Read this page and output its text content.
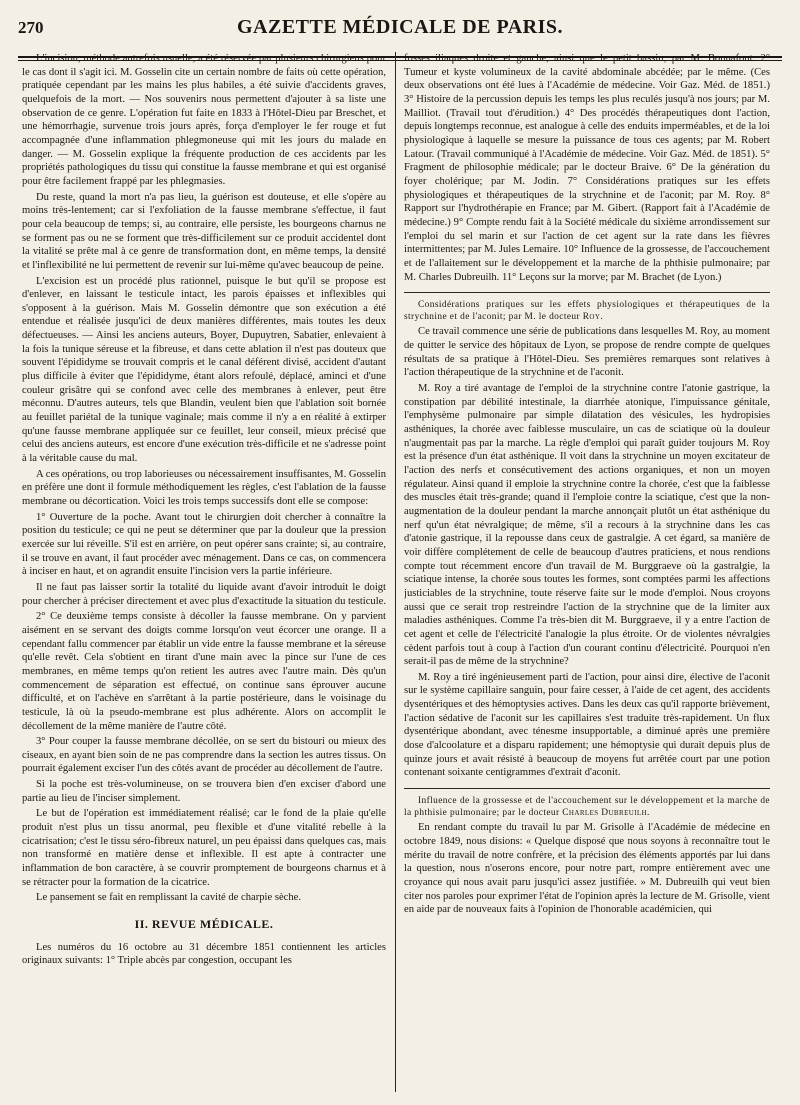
270	GAZETTE MÉDICALE DE PARIS.

L'incision, méthode autrefois usuelle, a été réservée par plusieurs chirurgiens pour le cas dont il s'agit ici. M. Gosselin cite un certain nombre de faits où cette opération, pratiquée cependant par les mains les plus habiles, a été suivie d'accidents graves, quelquefois de la mort. — Nos souvenirs nous permettent d'ajouter à sa liste une observation de ce genre. L'opération fut faite en 1833 à l'Hôtel-Dieu par Breschet, et une hémorrhagie, survenue trois jours après, força d'employer le fer rouge et fut accompagnée d'une inflammation phlegmoneuse qui mit les jours du malade en danger. — M. Gosselin explique la fréquente production de ces accidents par les propriétés pathologiques du tissu qui constitue la fausse membrane et qui est organisé pour être facilement frappé par les phlegmasies.

Du reste, quand la mort n'a pas lieu, la guérison est douteuse, et elle s'opère au moins très-lentement; car si l'exfoliation de la fausse membrane s'effectue, il faut pour cela beaucoup de temps; si, au contraire, elle persiste, les bourgeons charnus ne se forment pas ou ne se forment que très-difficilement sur ce produit accidentel dont la vitalité se prête mal à ce genre de transformation dont, en même temps, la densité et l'inflexibilité ne lui permettent de revenir sur lui-même qu'avec beaucoup de peine.

L'excision est un procédé plus rationnel, puisque le but qu'il se propose est d'enlever, en laissant le testicule intact, les parois épaisses et inflexibles qui s'opposent à la guérison. Mais M. Gosselin démontre que son exécution a été entendue et réalisée jusqu'ici de deux manières différentes, mais toutes les deux défectueuses. — Ainsi les anciens auteurs, Boyer, Dupuytren, Sabatier, enlevaient à la fois la tunique séreuse et la fibreuse, et dans cette ablation il n'est pas douteux que souvent l'épididyme se trouvait compris et le canal déférent divisé, accident d'autant plus difficile à éviter que l'épididyme, étant alors refoulé, déplacé, aminci et d'une couleur grisâtre qui se confond avec celle des membranes à enlever, peut être méconnu. D'autres auteurs, tels que Blandin, veulent bien que l'ablation soit bornée au feuillet pariétal de la tunique vaginale; mais comme il n'y a en réalité à extirper qu'une fausse membrane appliquée sur ce feuillet, leur conseil, mieux précisé que celui des anciens auteurs, est encore d'une exécution très-difficile et ne s'adresse point à la véritable cause du mal.

A ces opérations, ou trop laborieuses ou nécessairement insuffisantes, M. Gosselin en préfère une dont il formule méthodiquement les règles, c'est l'ablation de la fausse membrane ou décortication. Voici les trois temps successifs dont elle se compose:

1° Ouverture de la poche. Avant tout le chirurgien doit chercher à connaître la position du testicule; ce qui ne peut se déterminer que par la douleur que la pression exercée sur lui réveille. S'il est en arrière, on peut opérer sans crainte; si, au contraire, il se trouve en avant, il faut procéder avec ménagement. Dans ce cas, on commencera à inciser en haut, et on agrandit ensuite l'incision vers la partie inférieure.

Il ne faut pas laisser sortir la totalité du liquide avant d'avoir introduit le doigt pour chercher à préciser directement et avec plus d'exactitude la situation du testicule.

2° Ce deuxième temps consiste à décoller la fausse membrane. On y parvient aisément en se servant des doigts comme lorsqu'on veut écorcer une orange. Il a cependant fallu commencer par établir un vide entre la fausse membrane et la séreuse qu'elle revêt. Cela s'obtient en tirant d'une main avec la pince sur l'une de ces membranes, en même temps qu'on retient les autres avec l'autre main. Dès qu'un commencement de séparation est effectué, on continue sans éprouver aucune difficulté, et on l'achève en s'arrêtant à la partie postérieure, dans le voisinage du testicule, là où la pseudo-membrane est plus adhérente. Alors on accomplit le décollement de la même manière de l'autre côté.

3° Pour couper la fausse membrane décollée, on se sert du bistouri ou mieux des ciseaux, en ayant bien soin de ne pas comprendre dans la section les autres tissus. On pourrait également exciser l'un des côtés avant de procéder au décollement de l'autre.

Si la poche est très-volumineuse, on se trouvera bien d'en exciser d'abord une partie au lieu de l'inciser simplement.

Le but de l'opération est immédiatement réalisé; car le fond de la plaie qu'elle produit n'est plus un tissu anormal, peu flexible et d'une vitalité rebelle à la cicatrisation; c'est le tissu séro-fibreux naturel, un peu épaissi dans quelques cas, mais non transformé en matière dense et inflexible. Il est apte à contracter une inflammation de bon caractère, à se couvrir promptement de bourgeons charnus et à se rétracter pour la formation de la cicatrice.

Le pansement se fait en remplissant la cavité de charpie sèche.

II. REVUE MÉDICALE.

Les numéros du 16 octobre au 31 décembre 1851 contiennent les articles originaux suivants: 1° Triple abcès par congestion, occupant les

fosses iliaques droite et gauche, ainsi que le petit bassin; par M. Bonnafont. 2° Tumeur et kyste volumineux de la cavité abdominale abcédée; par le même. (Ces deux observations ont été lues à l'Académie de médecine. Voir Gaz. Méd. de 1851.) 3° Histoire de la percussion depuis les temps les plus reculés jusqu'à nos jours; par M. Mailliot. (Travail tout d'érudition.) 4° Des procédés thérapeutiques dont l'action, depuis longtemps reconnue, est analogue à celle des enduits imperméables, et de la loi physiologique à laquelle se mesure la puissance de tous ces agents; par M. Robert Latour. (Travail communiqué à l'Académie de médecine. Voir Gaz. Méd. de 1851). 5° Fragment de philosophie médicale; par le docteur Braive. 6° De la génération du foyer cholérique; par M. Jodin. 7° Considérations pratiques sur les effets physiologiques et thérapeutiques de la strychnine et de l'aconit; par M. Roy. 8° Rapport sur l'hydrothérapie en France; par M. Gibert. (Rapport fait à l'Académie de médecine.) 9° Compte rendu fait à la Société médicale du sixième arrondissement sur l'emploi du sel marin et sur l'action de cet agent sur la rate dans les fièvres intermittentes; par M. Jules Lemaire. 10° Influence de la grossesse, de l'accouchement et de l'allaitement sur le développement et la marche de la phthisie pulmonaire; par M. Charles Dubreuilh. 11° Leçons sur la morve; par M. Brachet (de Lyon.)

Considérations pratiques sur les effets physiologiques et thérapeutiques de la strychnine et de l'aconit; par M. le docteur Roy.

Ce travail commence une série de publications dans lesquelles M. Roy, au moment de quitter le service des hôpitaux de Lyon, se propose de rendre compte de quelques résultats de sa pratique à l'Hôtel-Dieu. Ses premières remarques sont relatives à l'action thérapeutique de la strychnine et de l'aconit.

M. Roy a tiré avantage de l'emploi de la strychnine contre l'atonie gastrique, la constipation par débilité intestinale, la diarrhée atonique, l'impuissance génitale, l'emphysème pulmonaire par simple dilatation des vésicules, les hydropisies asthéniques, la chorée avec faiblesse musculaire, un cas de sciatique où la douleur n'augmentait pas par la marche. La règle d'emploi qui paraît guider toujours M. Roy est la présence d'un état asthénique. Il voit dans la strychnine un moyen excitateur de l'action des nerfs et consécutivement des actions organiques, et non un moyen régulateur. Ainsi quand il emploie la strychnine contre la chorée, c'est que la faiblesse des muscles était très-grande; quand il l'emploie contre la sciatique, c'est que la non-augmentation de la douleur pendant la marche annonçait plutôt un état asthénique du nerf qu'un état névralgique; de même, s'il a recours à la strychnine dans les cas d'atonie gastrique, il la repousse dans ceux de gastralgie. A cet égard, sa manière de voir diffère complétement de celle de beaucoup d'autres praticiens, et nous rendions compte tout récemment encore d'un travail de M. Burggraeve où la gastralgie, la sciatique intense, la chorée sous toutes les formes, sont comptées parmi les affections justiciables de la strychnine, toute réserve faite sur le mode d'emploi. Nous croyons aussi que ce serait trop restreindre l'action de la strychnine que de la limiter aux maladies asthéniques. Comme l'a très-bien dit M. Burggraeve, il y a entre l'action de cet agent et celle de l'électricité l'analogie la plus étroite. Or de violentes névralgies cèdent parfois tout à coup à l'action d'un courant continu d'électricité. Pourquoi n'en serait-il pas de même de la strychnine?

M. Roy a tiré ingénieusement parti de l'action, pour ainsi dire, élective de l'aconit sur le système capillaire sanguin, pour faire cesser, à l'aide de cet agent, des accidents dysentériques et des hémoptysies actives. Dans les deux cas qu'il rapporte brièvement, l'action sédative de l'aconit sur les capillaires s'est traduite très-rapidement. Un flux dysentérique abondant, avec ténesme insupportable, a diminué après une première dose d'alcoolature et a disparu rapidement; une hémoptysie qui durait depuis plus de quinze jours et avait résisté à beaucoup de moyens fut arrêtée court par une potion contenant soixante centigrammes d'extrait d'aconit.

Influence de la grossesse et de l'accouchement sur le développement et la marche de la phthisie pulmonaire; par le docteur Charles Dubreuilh.

En rendant compte du travail lu par M. Grisolle à l'Académie de médecine en octobre 1849, nous disions: « Quelque disposé que nous soyons à reconnaître tout le mérite du travail de notre confrère, et la précision des éléments apportés par lui dans la question, nous n'oserons encore, pour notre part, rompre entièrement avec une croyance qui nous avait paru jusqu'ici assez justifiée. » M. Dubreuilh qui veut bien citer nos paroles pour exprimer l'état de l'opinion après la lecture de M. Grisolle, vient en aide par de nouveaux faits à l'opinion de l'honorable académicien, qui
